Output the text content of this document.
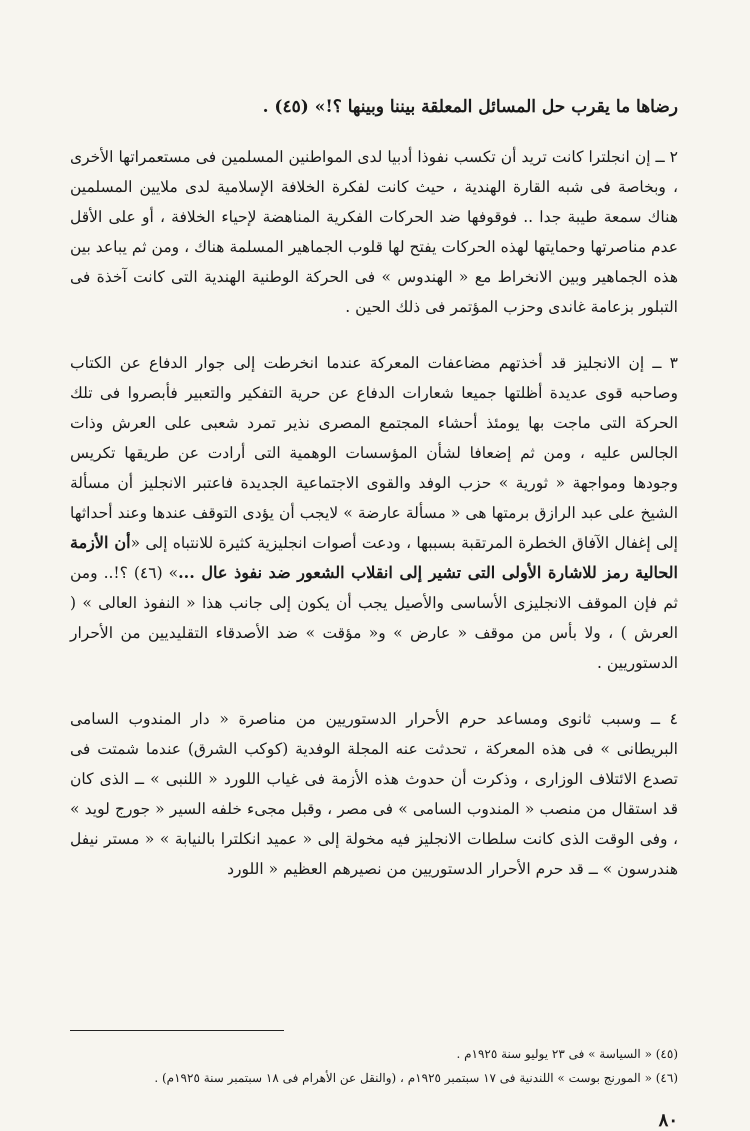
رضاها ما يقرب حل المسائل المعلقة بيننا وبينها ؟!» (٤٥) .

٢ ــ إن انجلترا كانت تريد أن تكسب نفوذا أدبيا لدى المواطنين المسلمين فى مستعمراتها الأخرى ، وبخاصة فى شبه القارة الهندية ، حيث كانت لفكرة الخلافة الإسلامية لدى ملايين المسلمين هناك سمعة طيبة جدا .. فوقوفها ضد الحركات الفكرية المناهضة لإحياء الخلافة ، أو على الأقل عدم مناصرتها وحمايتها لهذه الحركات يفتح لها قلوب الجماهير المسلمة هناك ، ومن ثم يباعد بين هذه الجماهير وبين الانخراط مع « الهندوس » فى الحركة الوطنية الهندية التى كانت آخذة فى التبلور بزعامة غاندى وحزب المؤتمر فى ذلك الحين .

٣ ــ إن الانجليز قد أخذتهم مضاعفات المعركة عندما انخرطت إلى جوار الدفاع عن الكتاب وصاحبه قوى عديدة أظلتها جميعا شعارات الدفاع عن حرية التفكير والتعبير فأبصروا فى تلك الحركة التى ماجت بها يومئذ أحشاء المجتمع المصرى نذير تمرد شعبى على العرش وذات الجالس عليه ، ومن ثم إضعافا لشأن المؤسسات الوهمية التى أرادت عن طريقها تكريس وجودها ومواجهة « ثورية » حزب الوفد والقوى الاجتماعية الجديدة فاعتبر الانجليز أن مسألة الشيخ على عبد الرازق برمتها هى « مسألة عارضة » لايجب أن يؤدى التوقف عندها وعند أحداثها إلى إغفال الآفاق الخطرة المرتقبة بسببها ، ودعت أصوات انجليزية كثيرة للانتباه إلى «أن الأزمة الحالية رمز للاشارة الأولى التى تشير إلى انقلاب الشعور ضد نفوذ عال ...» (٤٦) ؟!.. ومن ثم فإن الموقف الانجليزى الأساسى والأصيل يجب أن يكون إلى جانب هذا « النفوذ العالى » ( العرش ) ، ولا بأس من موقف « عارض » و« مؤقت » ضد الأصدقاء التقليديين من الأحرار الدستوريين .

٤ ــ وسبب ثانوى ومساعد حرم الأحرار الدستوريين من مناصرة « دار المندوب السامى البريطانى » فى هذه المعركة ، تحدثت عنه المجلة الوفدية (كوكب الشرق) عندما شمتت فى تصدع الائتلاف الوزارى ، وذكرت أن حدوث هذه الأزمة فى غياب اللورد « اللنبى » ــ الذى كان قد استقال من منصب « المندوب السامى » فى مصر ، وقبل مجىء خلفه السير « جورج لويد » ، وفى الوقت الذى كانت سلطات الانجليز فيه مخولة إلى « عميد انكلترا بالنيابة » « مستر نيفل هندرسون » ــ قد حرم الأحرار الدستوريين من نصيرهم العظيم « اللورد

(٤٥) « السياسة » فى ٢٣ يوليو سنة ١٩٢٥م .
(٤٦) « المورنج بوست » اللندنية فى ١٧ سبتمبر ١٩٢٥م ، (والنقل عن الأهرام فى ١٨ سبتمبر سنة ١٩٢٥م) .
٨٠
